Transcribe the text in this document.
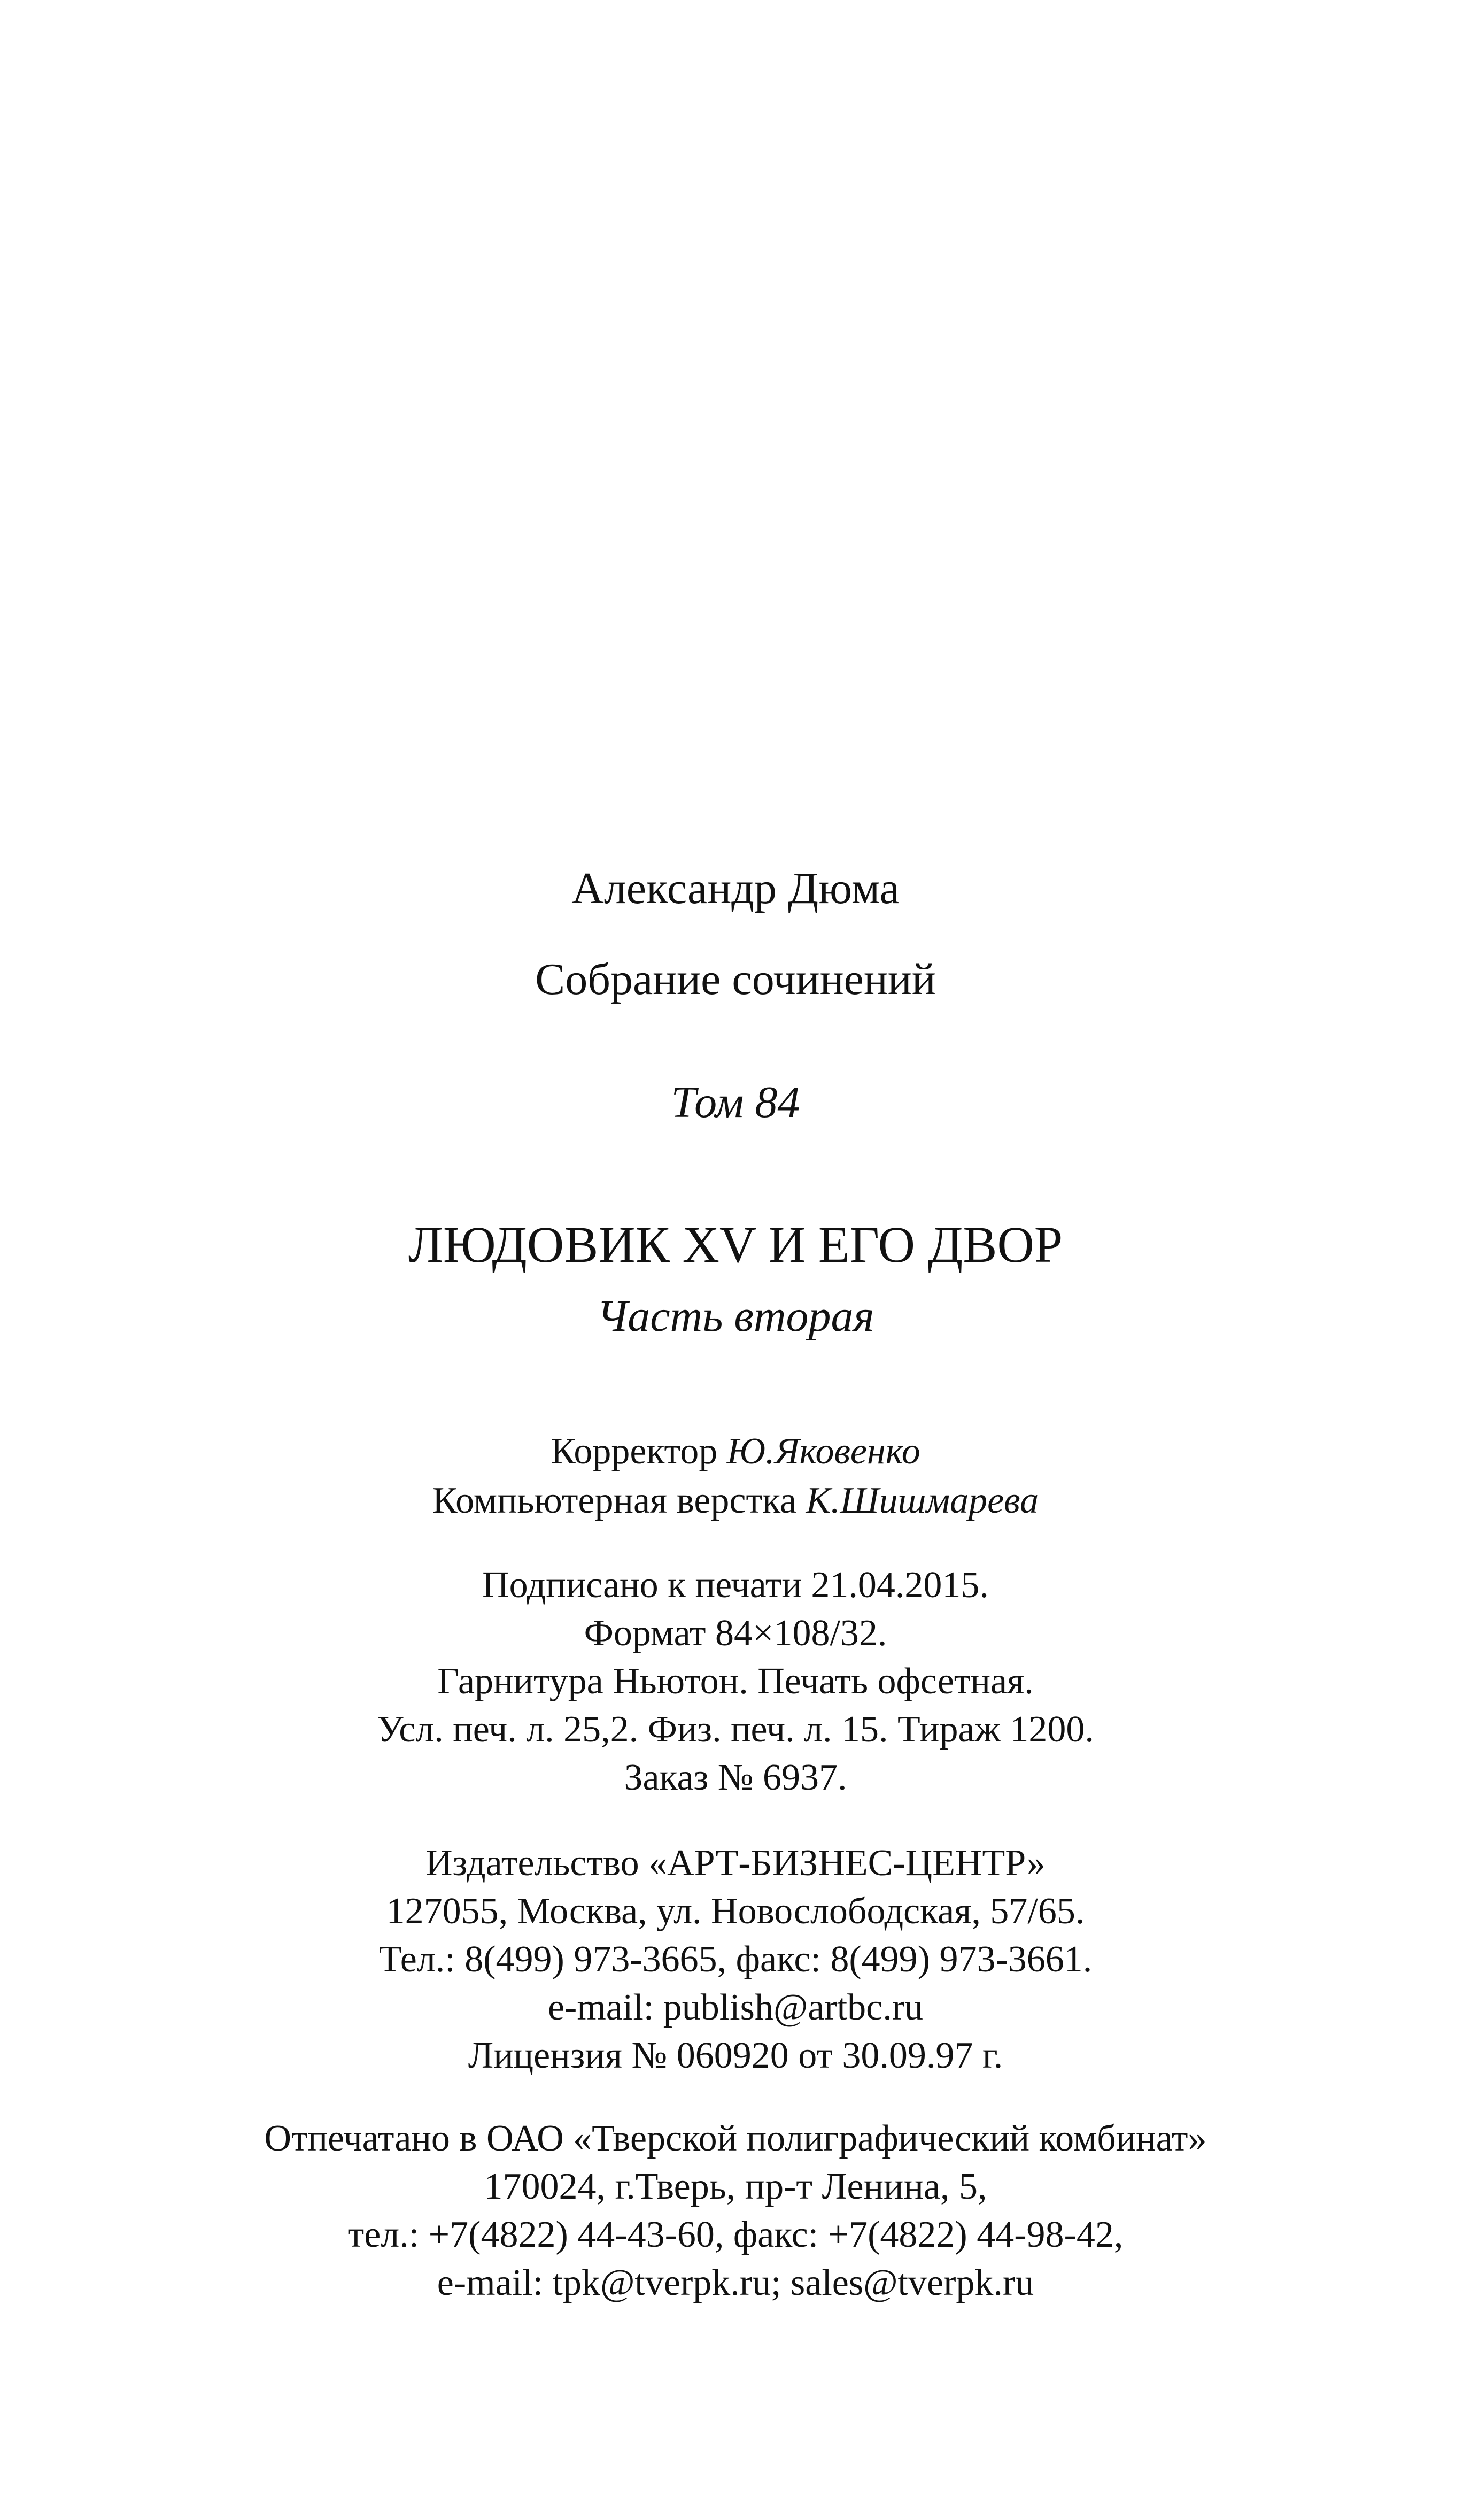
Александр Дюма
Собрание сочинений
Том 84
ЛЮДОВИК XV И ЕГО ДВОР
Часть вторая
Корректор Ю.Яковенко
Компьютерная верстка К.Шишмарева
Подписано к печати 21.04.2015.
Формат 84×108/32.
Гарнитура Ньютон. Печать офсетная.
Усл. печ. л. 25,2. Физ. печ. л. 15. Тираж 1200.
Заказ № 6937.
Издательство «АРТ-БИЗНЕС-ЦЕНТР»
127055, Москва, ул. Новослободская, 57/65.
Тел.: 8(499) 973-3665, факс: 8(499) 973-3661.
e-mail: publish@artbc.ru
Лицензия № 060920 от 30.09.97 г.
Отпечатано в ОАО «Тверской полиграфический комбинат»
170024, г.Тверь, пр-т Ленина, 5,
тел.: +7(4822) 44-43-60, факс: +7(4822) 44-98-42,
e-mail: tpk@tverpk.ru; sales@tverpk.ru
